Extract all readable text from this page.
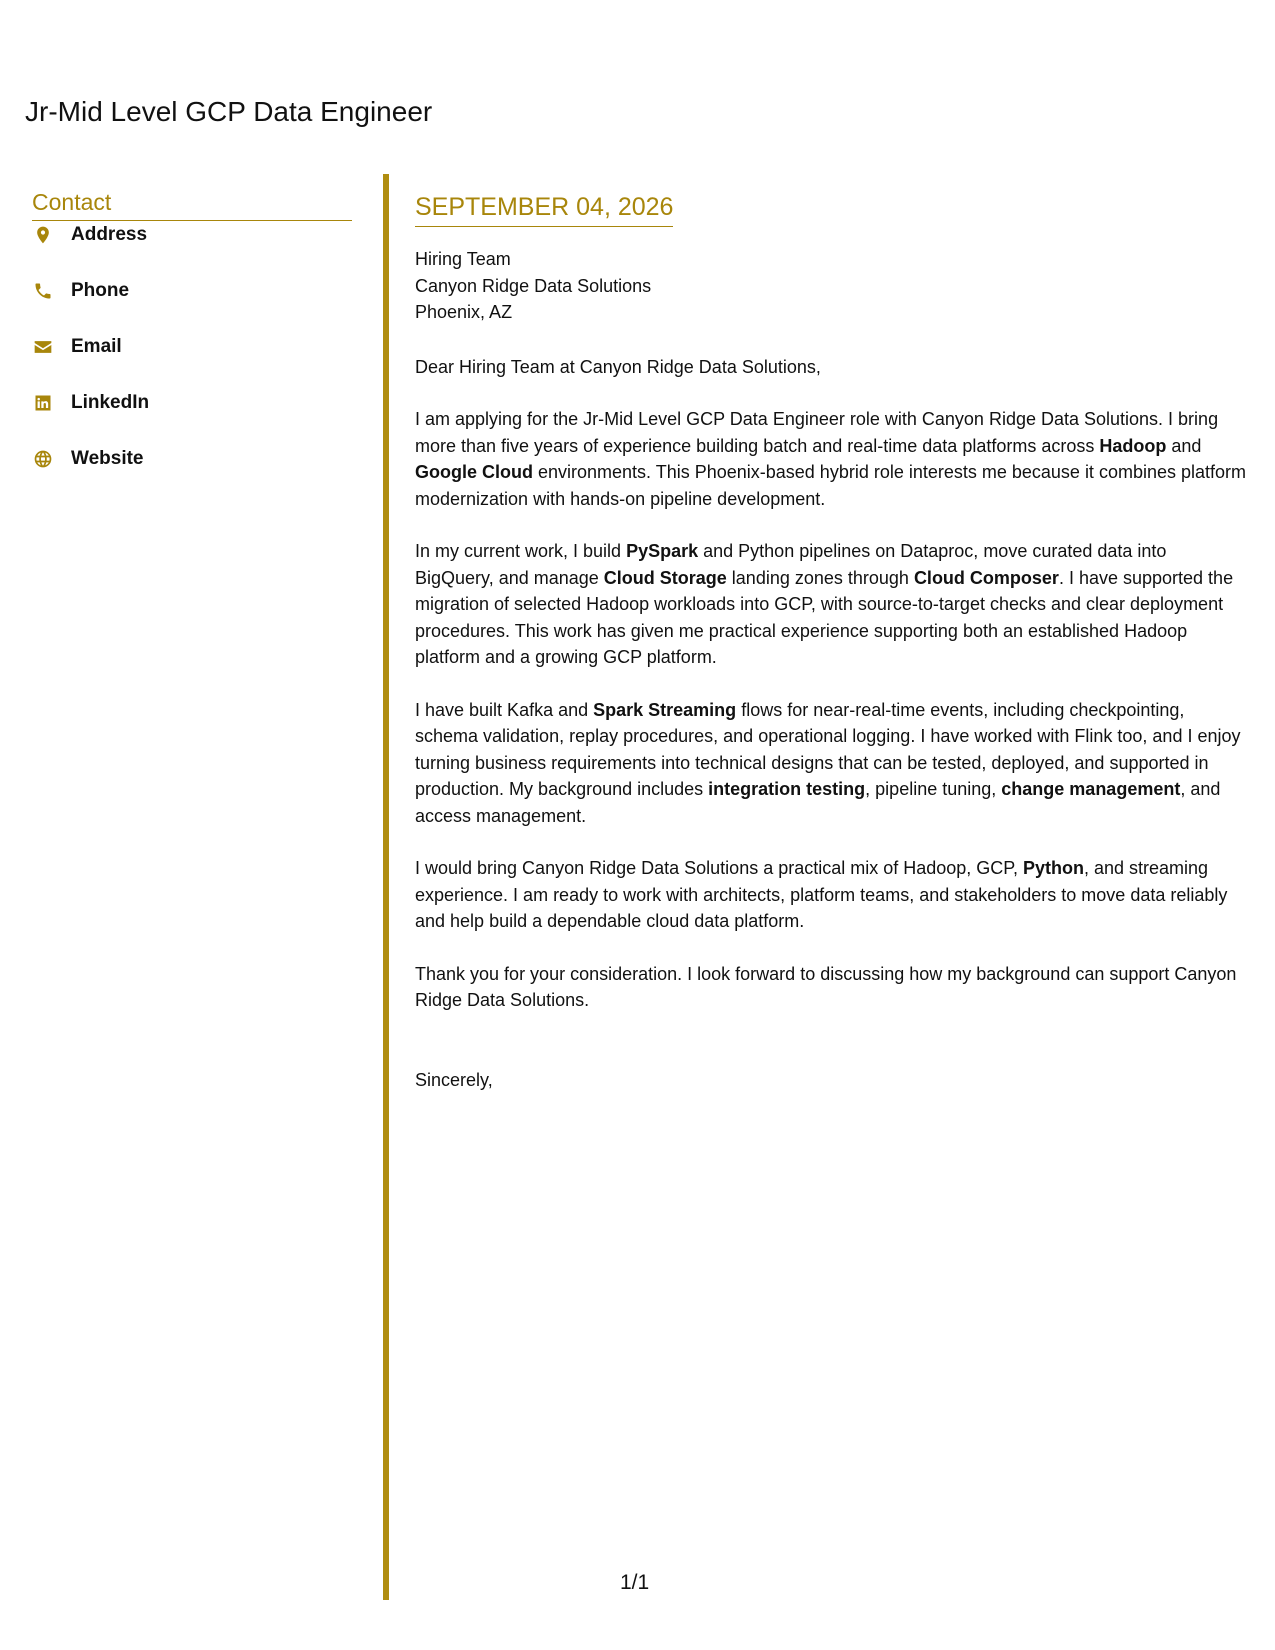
Jr-Mid Level GCP Data Engineer
Contact
Address
Phone
Email
LinkedIn
Website
SEPTEMBER 04, 2026
Hiring Team
Canyon Ridge Data Solutions
Phoenix, AZ
Dear Hiring Team at Canyon Ridge Data Solutions,

I am applying for the Jr-Mid Level GCP Data Engineer role with Canyon Ridge Data Solutions. I bring more than five years of experience building batch and real-time data platforms across Hadoop and Google Cloud environments. This Phoenix-based hybrid role interests me because it combines platform modernization with hands-on pipeline development.

In my current work, I build PySpark and Python pipelines on Dataproc, move curated data into BigQuery, and manage Cloud Storage landing zones through Cloud Composer. I have supported the migration of selected Hadoop workloads into GCP, with source-to-target checks and clear deployment procedures. This work has given me practical experience supporting both an established Hadoop platform and a growing GCP platform.

I have built Kafka and Spark Streaming flows for near-real-time events, including checkpointing, schema validation, replay procedures, and operational logging. I have worked with Flink too, and I enjoy turning business requirements into technical designs that can be tested, deployed, and supported in production. My background includes integration testing, pipeline tuning, change management, and access management.

I would bring Canyon Ridge Data Solutions a practical mix of Hadoop, GCP, Python, and streaming experience. I am ready to work with architects, platform teams, and stakeholders to move data reliably and help build a dependable cloud data platform.

Thank you for your consideration. I look forward to discussing how my background can support Canyon Ridge Data Solutions.

Sincerely,
1/1
